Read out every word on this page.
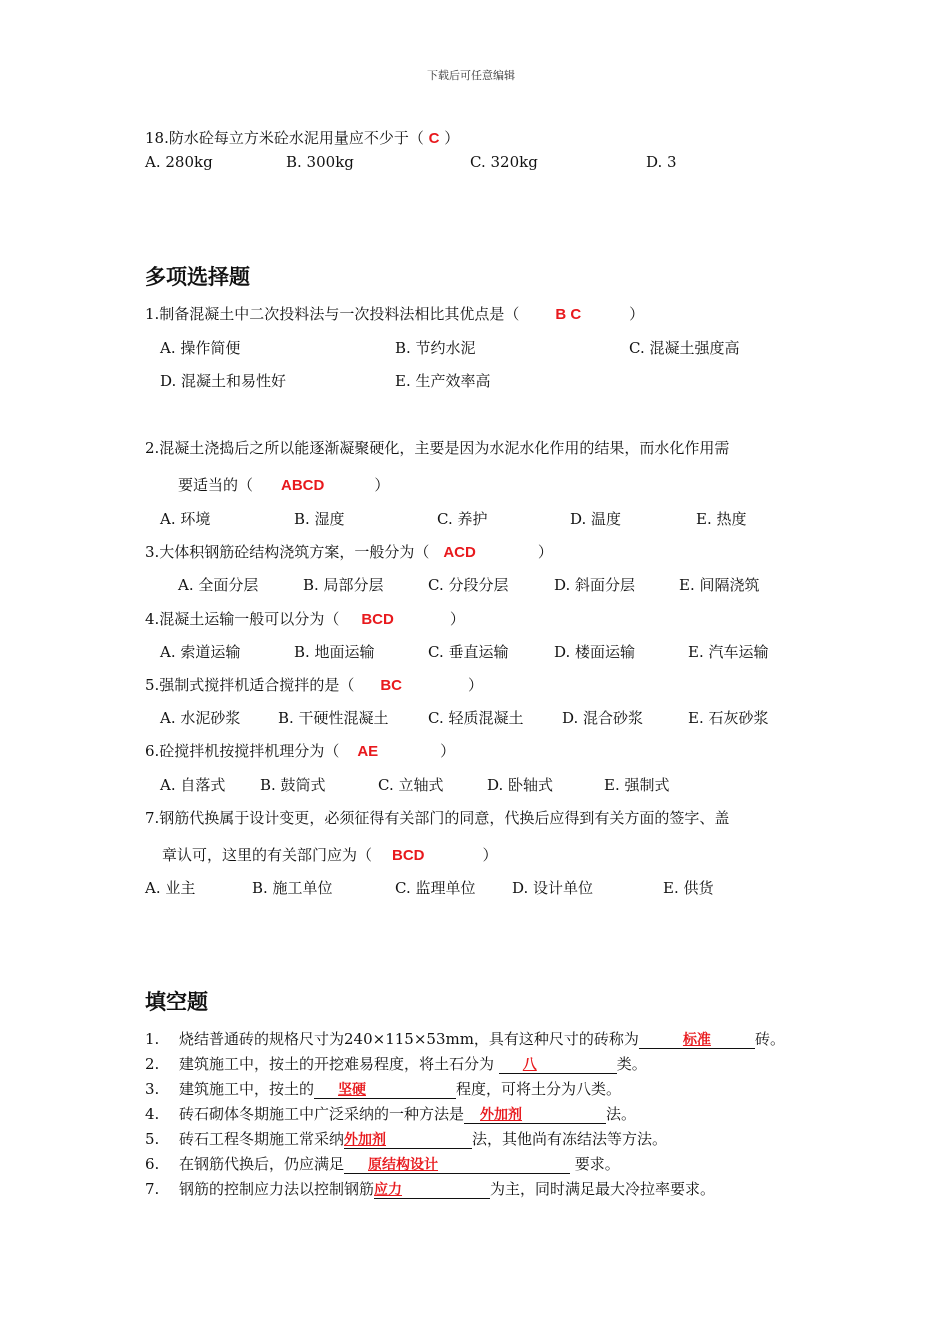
下载后可任意编辑
18.防水砼每立方米砼水泥用量应不少于（ C ）
A. 280kg	B. 300kg	C. 320kg	D. 3
多项选择题
1.制备混凝土中二次投料法与一次投料法相比其优点是（ B C	）
A. 操作简便	B. 节约水泥	C. 混凝土强度高
D. 混凝土和易性好	E. 生产效率高
2.混凝土浇捣后之所以能逐渐凝聚硬化，主要是因为水泥水化作用的结果，而水化作用需
要适当的（ ABCD	）
A. 环境	B. 湿度	C. 养护	D. 温度	E. 热度
3.大体积钢筋砼结构浇筑方案，一般分为（ ACD	）
A. 全面分层	B. 局部分层	C. 分段分层	D. 斜面分层	E. 间隔浇筑
4.混凝土运输一般可以分为（ BCD	）
A. 索道运输	B. 地面运输	C. 垂直运输	D. 楼面运输	E. 汽车运输
5.强制式搅拌机适合搅拌的是（ BC	）
A. 水泥砂浆	B. 干硬性混凝土	C. 轻质混凝土	D. 混合砂浆	E. 石灰砂浆
6.砼搅拌机按搅拌机理分为（ AE	）
A. 自落式 B. 鼓筒式	C. 立轴式	D. 卧轴式	E. 强制式
7.钢筋代换属于设计变更，必须征得有关部门的同意，代换后应得到有关方面的签字、盖
章认可，这里的有关部门应为（ BCD	）
A. 业主	B. 施工单位	C. 监理单位 D. 设计单位	E. 供货
填空题
1. 烧结普通砖的规格尺寸为240×115×53mm，具有这种尺寸的砖称为	标准	砖。
2. 建筑施工中，按土的开挖难易程度，将土石分为 八	类。
3. 建筑施工中，按土的 坚硬	程度，可将土分为八类。
4. 砖石砌体冬期施工中广泛采纳的一种方法是 外加剂	法。
5. 砖石工程冬期施工常采纳外加剂	法，其他尚有冻结法等方法。
6. 在钢筋代换后，仍应满足 原结构设计	要求。
7. 钢筋的控制应力法以控制钢筋应力	为主，同时满足最大冷拉率要求。
